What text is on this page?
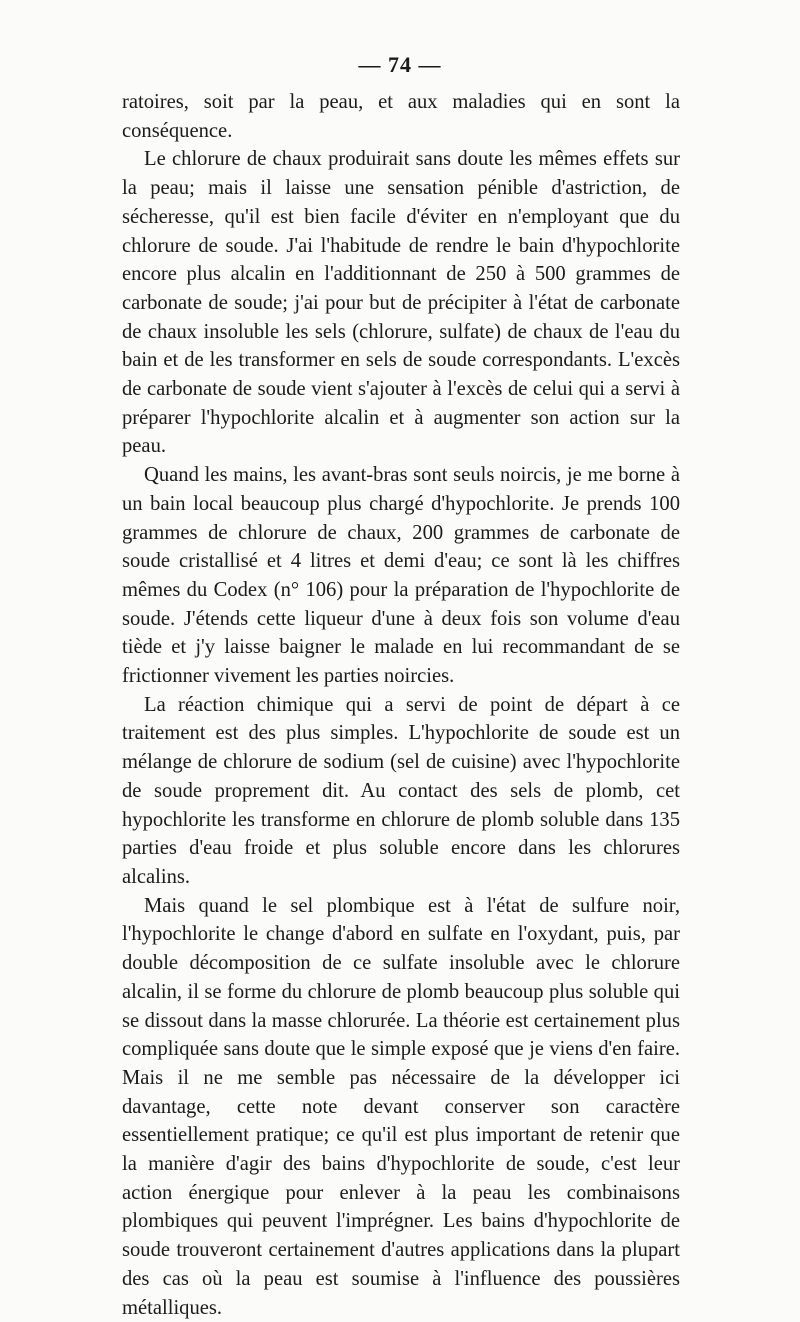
— 74 —

ratoires, soit par la peau, et aux maladies qui en sont la conséquence.

Le chlorure de chaux produirait sans doute les mêmes effets sur la peau; mais il laisse une sensation pénible d'astriction, de sécheresse, qu'il est bien facile d'éviter en n'employant que du chlorure de soude. J'ai l'habitude de rendre le bain d'hypochlorite encore plus alcalin en l'additionnant de 250 à 500 grammes de carbonate de soude; j'ai pour but de précipiter à l'état de carbonate de chaux insoluble les sels (chlorure, sulfate) de chaux de l'eau du bain et de les transformer en sels de soude correspondants. L'excès de carbonate de soude vient s'ajouter à l'excès de celui qui a servi à préparer l'hypochlorite alcalin et à augmenter son action sur la peau.

Quand les mains, les avant-bras sont seuls noircis, je me borne à un bain local beaucoup plus chargé d'hypochlorite. Je prends 100 grammes de chlorure de chaux, 200 grammes de carbonate de soude cristallisé et 4 litres et demi d'eau; ce sont là les chiffres mêmes du Codex (n° 106) pour la préparation de l'hypochlorite de soude. J'étends cette liqueur d'une à deux fois son volume d'eau tiède et j'y laisse baigner le malade en lui recommandant de se frictionner vivement les parties noircies.

La réaction chimique qui a servi de point de départ à ce traitement est des plus simples. L'hypochlorite de soude est un mélange de chlorure de sodium (sel de cuisine) avec l'hypochlorite de soude proprement dit. Au contact des sels de plomb, cet hypochlorite les transforme en chlorure de plomb soluble dans 135 parties d'eau froide et plus soluble encore dans les chlorures alcalins.

Mais quand le sel plombique est à l'état de sulfure noir, l'hypochlorite le change d'abord en sulfate en l'oxydant, puis, par double décomposition de ce sulfate insoluble avec le chlorure alcalin, il se forme du chlorure de plomb beaucoup plus soluble qui se dissout dans la masse chlorurée. La théorie est certainement plus compliquée sans doute que le simple exposé que je viens d'en faire. Mais il ne me semble pas nécessaire de la développer ici davantage, cette note devant conserver son caractère essentiellement pratique; ce qu'il est plus important de retenir que la manière d'agir des bains d'hypochlorite de soude, c'est leur action énergique pour enlever à la peau les combinaisons plombiques qui peuvent l'imprégner. Les bains d'hypochlorite de soude trouveront certainement d'autres applications dans la plupart des cas où la peau est soumise à l'influence des poussières métalliques.
